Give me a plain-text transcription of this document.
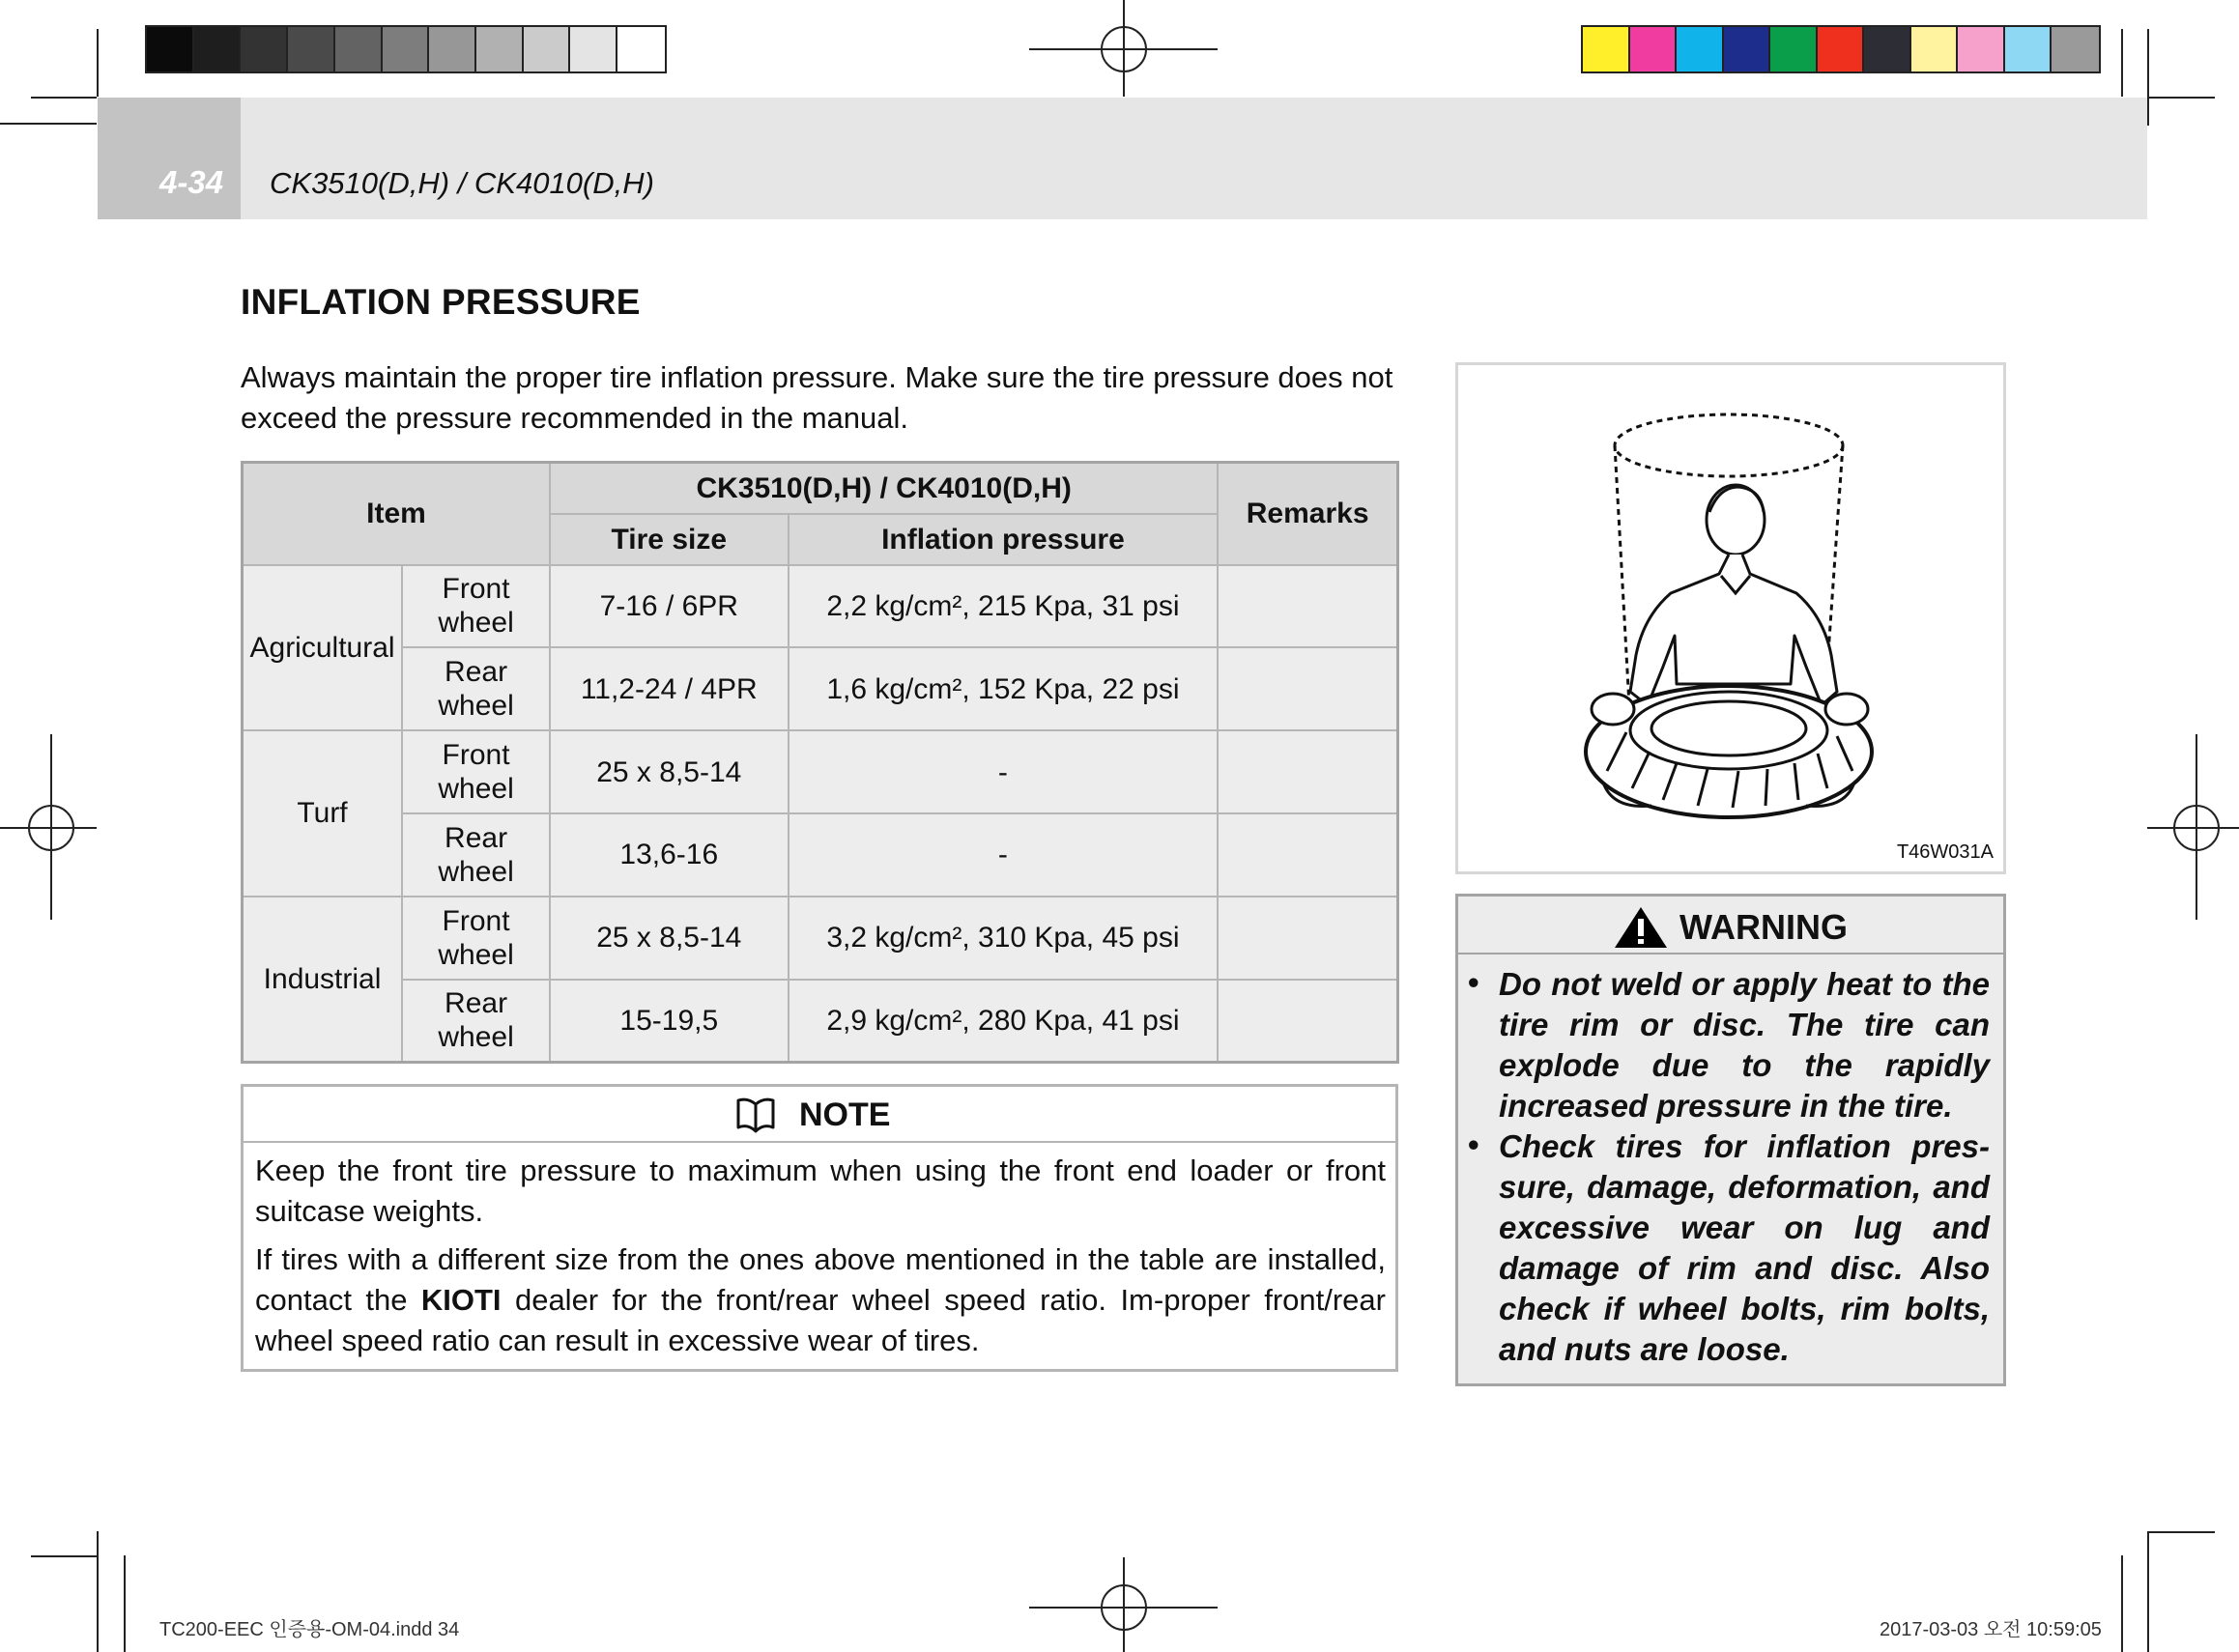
4-34 CK3510(D,H) / CK4010(D,H)
INFLATION PRESSURE
Always maintain the proper tire inflation pressure. Make sure the tire pressure does not exceed the pressure recommended in the manual.
Item		CK3510(D,H) / CK4010(D,H)		Remarks
		Tire size	Inflation pressure	
Agricultural	Front wheel	7-16 / 6PR	2,2 kg/cm², 215 Kpa, 31 psi	
	Rear wheel	11,2-24 / 4PR	1,6 kg/cm², 152 Kpa, 22 psi	
Turf	Front wheel	25 x 8,5-14	-	
	Rear wheel	13,6-16	-	
Industrial	Front wheel	25 x 8,5-14	3,2 kg/cm², 310 Kpa, 45 psi	
	Rear wheel	15-19,5	2,9 kg/cm², 280 Kpa, 41 psi	
NOTE
Keep the front tire pressure to maximum when using the front end loader or front suitcase weights.
If tires with a different size from the ones above mentioned in the table are installed, contact the KIOTI dealer for the front/rear wheel speed ratio. Im-proper front/rear wheel speed ratio can result in excessive wear of tires.
T46W031A
WARNING
• Do not weld or apply heat to the tire rim or disc. The tire can explode due to the rapidly increased pressure in the tire.
• Check tires for inflation pres-sure, damage, deformation, and excessive wear on lug and damage of rim and disc. Also check if wheel bolts, rim bolts, and nuts are loose.
TC200-EEC 인증용-OM-04.indd 34	2017-03-03 오전 10:59:05
